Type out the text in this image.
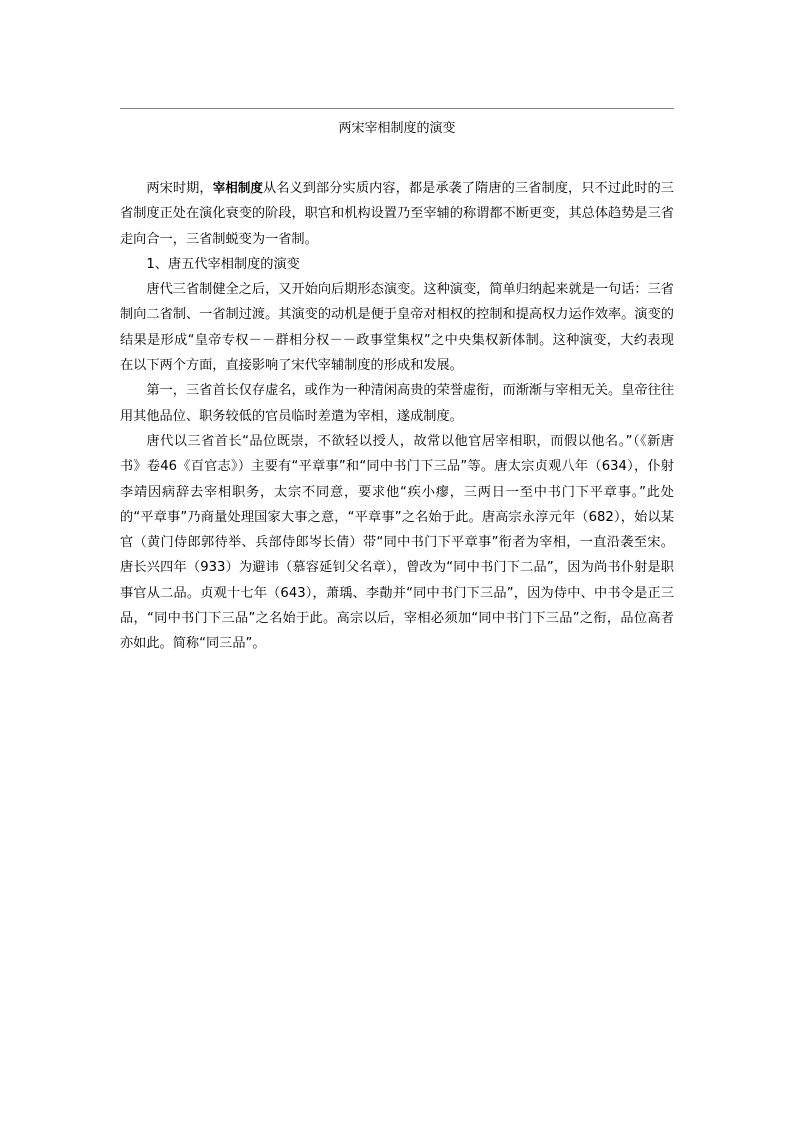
两宋宰相制度的演变

两宋时期，宰相制度从名义到部分实质内容，都是承袭了隋唐的三省制度，只不过此时的三省制度正处在演化衰变的阶段，职官和机构设置乃至宰辅的称谓都不断更变，其总体趋势是三省走向合一，三省制蜕变为一省制。

1、唐五代宰相制度的演变

唐代三省制健全之后，又开始向后期形态演变。这种演变，简单归纳起来就是一句话：三省制向二省制、一省制过渡。其演变的动机是便于皇帝对相权的控制和提高权力运作效率。演变的结果是形成“皇帝专权－－群相分权－－政事堂集权”之中央集权新体制。这种演变，大约表现在以下两个方面，直接影响了宋代宰辅制度的形成和发展。

第一，三省首长仅存虚名，或作为一种清闲高贵的荣誉虚衔，而渐渐与宰相无关。皇帝往往用其他品位、职务较低的官员临时差遣为宰相，遂成制度。

唐代以三省首长“品位既崇，不欲轻以授人，故常以他官居宰相职，而假以他名。”（《新唐书》卷46《百官志》）主要有“平章事”和“同中书门下三品”等。唐太宗贞观八年（634），仆射李靖因病辞去宰相职务，太宗不同意，要求他“疾小瘳，三两日一至中书门下平章事。”此处的“平章事”乃商量处理国家大事之意，“平章事”之名始于此。唐高宗永淳元年（682），始以某官（黄门侍郎郭待举、兵部侍郎岑长倩）带“同中书门下平章事”衔者为宰相，一直沿袭至宋。唐长兴四年（933）为避讳（慕容延钊父名章），曾改为“同中书门下二品”，因为尚书仆射是职事官从二品。贞观十七年（643），萧瑀、李勣并“同中书门下三品”，因为侍中、中书令是正三品，“同中书门下三品”之名始于此。高宗以后，宰相必须加“同中书门下三品”之衔，品位高者亦如此。简称“同三品”。
